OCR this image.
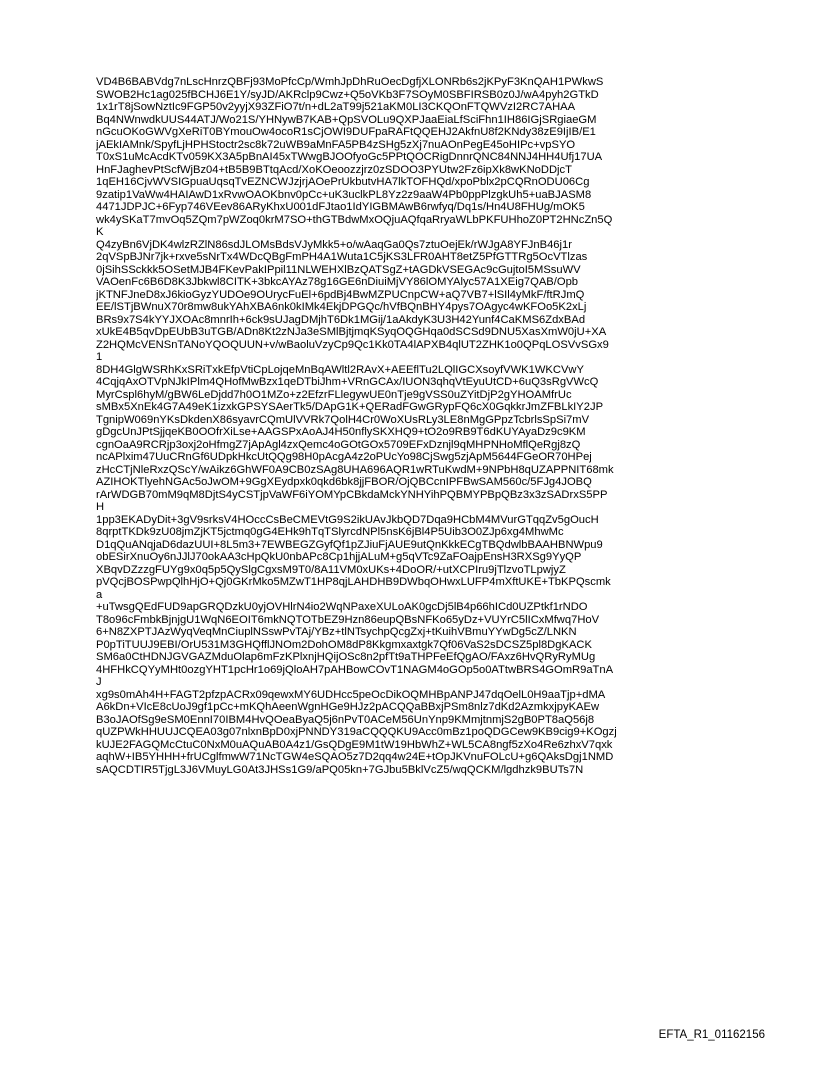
VD4B6BABVdg7nLscHnrzQBFj93MoPfcCp/WmhJpDhRuOecDgfjXLONRb6s2jKPyF3KnQAH1PWkwS
SWOB2Hc1ag025fBCHJ6E1Y/syJD/AKRclp9Cwz+Q5oVKb3F7SOyM0SBFIRSB0z0J/wA4pyh2GTkD
1x1rT8jSowNztIc9FGP50v2yyjX93ZFiO7t/n+dL2aT99j521aKM0LI3CKQOnFTQWVzI2RC7AHAA
Bq4NWnwdkUUS44ATJ/Wo21S/YHNywB7KAB+QpSVOLu9QXPJaaEiaLfSciFhn1IH86IGjSRgiaeGM
nGcuOKoGWVgXeRiT0BYmouOw4ocoR1sCjOWI9DUFpaRAFtQQEHJ2AkfnU8f2KNdy38zE9IjIB/E1
jAEkIAMnk/SpyfLjHPHStoctr2sc8k72uWB9aMnFA5PB4zSHg5zXj7nuAOnPegE45oHIPc+vpSYO
T0xS1uMcAcdKTv059KX3A5pBnAI45xTWwgBJOOfyoGc5PPtQOCRigDnnrQNC84NNJ4HH4Ufj17UA
HnFJaghevPtScfWjBz04+tB5B9BTtqAcd/XoKOeoozzjrz0zSDOO3PYUtw2Fz6ipXk8wKNoDDjcT
1qEH16CjvWVSIGpuaUqsqTvEZNCWJzjrjAOePrUkbutvHA7lkTOFHQd/xpoPblx2pCQRnODU06Cg
9zatip1VaWw4HAIAwD1xRvwOAOKbnv0pCc+uK3uclkPL8Yz2z9aaW4Pb0ppPlzgkUh5+uaBJASM8
4471JDPJC+6Fyp746VEev86ARyKhxU001dFJtao1IdYIGBMAwB6rwfyq/Dq1s/Hn4U8FHUg/mOK5
wk4ySKaT7mvOq5ZQm7pWZoq0krM7SO+thGTBdwMxOQjuAQfqaRryaWLbPKFUHhoZ0PT2HNcZn5Q
K
Q4zyBn6VjDK4wlzRZlN86sdJLOMsBdsVJyMkk5+o/wAaqGa0Qs7ztuOejEk/rWJgA8YFJnB46j1r
2qVSpBJNr7jk+rxve5sNrTx4WDcQBgFmPH4A1Wuta1C5jKS3LFR0AHT8etZ5PfGTTRg5OcVTlzas
0jSihSSckkk5OSetMJB4FKevPakIPpil11NLWEHXlBzQATSgZ+tAGDkVSEGAc9cGujtoI5MSsuWV
VAOenFc6B6D8K3Jbkwl8CITK+3bkcAYAz78g16GE6nDiuiMjVY86lOMYAlyc57A1XEig7QAB/Opb
jKTNFJneD8xJ6kioGyzYUDOe9OUrycFuEl+6pdBj4BwMZPUCnpCW+aQ7VB7+lSIl4yMkF/ftRJmQ
EE/lSTjBWnuX70r8mw8ukYAhXBA6nk0kIMk4EkjDPGQc/hVfBQnBHY4pys7OAgyc4wKFOo5K2xLj
BRs9x7S4kYYJXOAc8mnrIh+6ck9sUJagDMjhT6Dk1MGij/1aAkdyK3U3H42Yunf4CaKMS6ZdxBAd
xUkE4B5qvDpEUbB3uTGB/ADn8Kt2zNJa3eSMlBjtjmqKSyqOQGHqa0dSCSd9DNU5XasXmW0jU+XA
Z2HQMcVENSnTANoYQOQUUN+v/wBaoluVzyCp9Qc1Kk0TA4lAPXB4qlUT2ZHK1o0QPqLOSVvSGx9
1
8DH4GlgWSRhKxSRiTxkEfpVtiCpLojqeMnBqAWltl2RAvX+AEEflTu2LQlIGCXsoyfVWK1WKCVwY
4CqjqAxOTVpNJkIPlm4QHofMwBzx1qeDTbiJhm+VRnGCAx/IUON3qhqVtEyuUtCD+6uQ3sRgVWcQ
MyrCspl6hyM/gBW6LeDjdd7h0O1MZo+z2EfzrFLlegywUE0nTje9gVSS0uZYitDjP2gYHOAMfrUc
sMBx5XnEk4G7A49eK1izxkGPSYSAerTk5/DApG1K+QERadFGwGRypFQ6cX0GqkkrJmZFBLkIY2JP
TgnipW069nYKsDkdenX86syavrCQmUlVVRk7QolH4Cr0WoXUsRLy3LE8nMgGPpzTcbrlsSpSi7mV
gDgcUnJPtSjjqeKB0OOfrXiLse+AAGSPxAoAJ4H50nflySKXHQ9+tO2o9RB9T6dKUYAyaDz9c9KM
cgnOaA9RCRjp3oxj2oHfmgZ7jApAgl4zxQemc4oGOtGOx5709EFxDznjl9qMHPNHoMflQeRgj8zQ
ncAPlxim47UuCRnGf6UDpkHkcUtQQg98H0pAcgA4z2oPUcYo98CjSwg5zjApM5644FGeOR70HPej
zHcCTjNleRxzQScY/wAikz6GhWF0A9CB0zSAg8UHA696AQR1wRTuKwdM+9NPbH8qUZAPPNIT68mk
AZIHOKTlyehNGAc5oJwOM+9GgXEydpxk0qkd6bk8jjFBOR/OjQBCcnIPFBwSAM560c/5FJg4JOBQ
rArWDGB70mM9qM8DjtS4yCSTjpVaWF6iYOMYpCBkdaMckYNHYihPQBMYPBpQBz3x3zSADrxS5PP
H
1pp3EKADyDit+3gV9srksV4HOccCsBeCMEVtG9S2ikUAvJkbQD7Dqa9HCbM4MVurGTqqZv5gOucH
8qrptTKDk9zU08jmZjKT5jctmq0gG4EHk9hTqTSlyrcdNPl5nsK6jBl4P5Uib3O0ZJp6xg4MhwMc
D1qQuANqjaD6dazUUI+8L5m3+7EWBEGZGyfQf1pZJiuFjAUE9utQnKkkECgTBQdwlbBAAHBNWpu9
obESirXnuOy6nJJlJ70okAA3cHpQkU0nbAPc8Cp1hjjALuM+g5qVTc9ZaFOajpEnsH3RXSg9YyQP
XBqvDZzzgFUYg9x0q5p5QySlgCgxsM9T0/8A11VM0xUKs+4DoOR/+utXCPIru9jTlzvoTLpwjyZ
pVQcjBOSPwpQlhHjO+Qj0GKrMko5MZwT1HP8qjLAHDHB9DWbqOHwxLUFP4mXftUKE+TbKPQscmk
a
+uTwsgQEdFUD9apGRQDzkU0yjOVHlrN4io2WqNPaxeXULoAK0gcDj5lB4p66hICd0UZPtkf1rNDO
T8o96cFmbkBjnjgU1WqN6EOIT6mkNQTOTbEZ9Hzn86eupQBsNFKo65yDz+VUYrC5lICxMfwq7HoV
6+N8ZXPTJAzWyqVeqMnCiuplNSswPvTAj/YBz+tlNTsychpQcgZxj+tKuihVBmuYYwDg5cZ/LNKN
P0pTiTUUJ9EBI/OrU531M3GHQfflJNOm2DohOM8dP8Kkgmxaxtgk7Qf06VaS2sDCSZ5pl8DgKACK
SM6a0CtHDNJGVGAZMduOlap6mFzKPlxnjHQijOSc8n2pfTt9aTHPFeEfQgAO/FAxz6HvQRyRyMUg
4HFHkCQYyMHt0ozgYHT1pcHr1o69jQloAH7pAHBowCOvT1NAGM4oGOp5o0ATtwBRS4GOmR9aTnA
J
xg9s0mAh4H+FAGT2pfzpACRx09qewxMY6UDHcc5peOcDikOQMHBpANPJ47dqOelL0H9aaTjp+dMA
A6kDn+VIcE8cUoJ9gf1pCc+mKQhAeenWgnHGe9HJz2pACQQaBBxjPSm8nlz7dKd2AzmkxjpyKAEw
B3oJAOfSg9eSM0EnnI70IBM4HvQOeaByaQ5j6nPvT0ACeM56UnYnp9KMmjtnmjS2gB0PT8aQ56j8
qUZPWkHHUUJCQEA03g07nlxnBpD0xjPNNDY319aCQQQKU9Acc0mBz1poQDGCew9KB9cig9+KOgzj
kUJE2FAGQMcCtuC0NxM0uAQuAB0A4z1/GsQDgE9M1tW19HbWhZ+WL5CA8ngf5zXo4Re6zhxV7qxk
aqhW+IB5YHHH+frUCglfmwW71NcTGW4eSQAO5z7D2qq4w24E+tOpJKVnuFOLcU+g6QAksDgj1NMD
sAQCDTIR5TjgL3J6VMuyLG0At3JHSs1G9/aPQ05kn+7GJbu5BklVcZ5/wqQCKM/lgdhzk9BUTs7N
EFTA_R1_01162156
